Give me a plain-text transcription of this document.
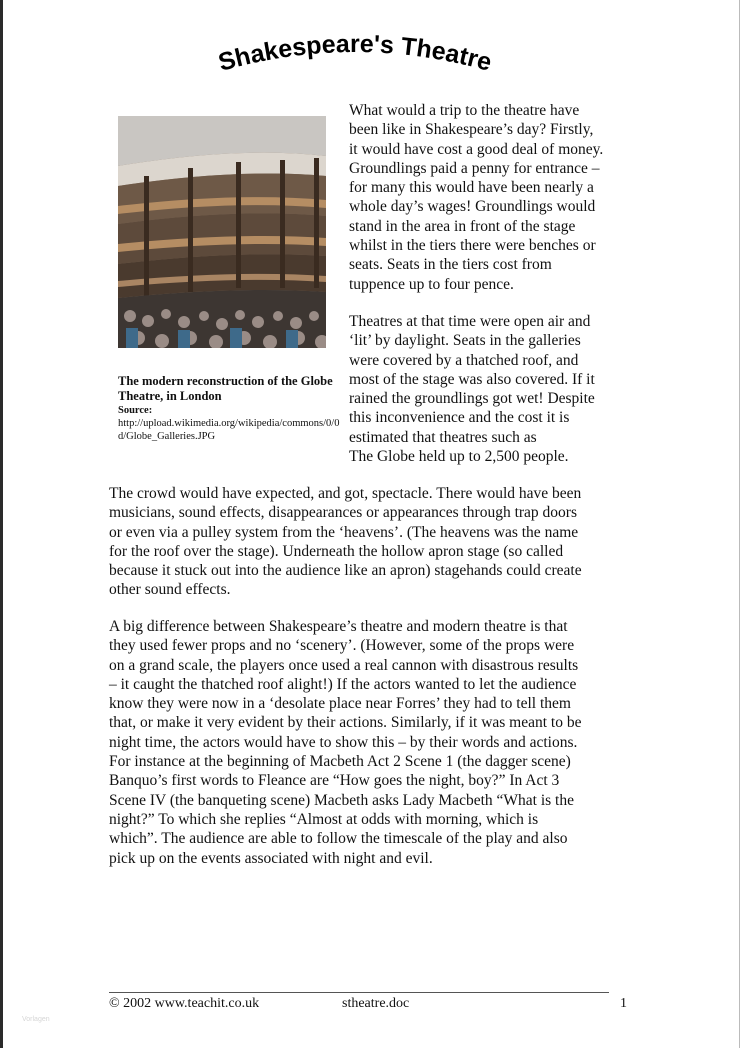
Shakespeare's Theatre

The modern reconstruction of the Globe Theatre, in London

Source:

http://upload.wikimedia.org/wikipedia/commons/0/0d/Globe_Galleries.JPG

What would a trip to the theatre have
been like in Shakespeare’s day? Firstly,
it would have cost a good deal of money.
Groundlings paid a penny for entrance –
for many this would have been nearly a
whole day’s wages! Groundlings would
stand in the area in front of the stage
whilst in the tiers there were benches or
seats. Seats in the tiers cost from
tuppence up to four pence.

Theatres at that time were open air and
‘lit’ by daylight. Seats in the galleries
were covered by a thatched roof, and
most of the stage was also covered. If it
rained the groundlings got wet! Despite
this inconvenience and the cost it is
estimated that theatres such as
The Globe held up to 2,500 people.

The crowd would have expected, and got, spectacle. There would have been
musicians, sound effects, disappearances or appearances through trap doors
or even via a pulley system from the ‘heavens’. (The heavens was the name
for the roof over the stage). Underneath the hollow apron stage (so called
because it stuck out into the audience like an apron) stagehands could create
other sound effects.

A big difference between Shakespeare’s theatre and modern theatre is that
they used fewer props and no ‘scenery’. (However, some of the props were
on a grand scale, the players once used a real cannon with disastrous results
– it caught the thatched roof alight!) If the actors wanted to let the audience
know they were now in a ‘desolate place near Forres’ they had to tell them
that, or make it very evident by their actions. Similarly, if it was meant to be
night time, the actors would have to show this – by their words and actions.
For instance at the beginning of Macbeth Act 2 Scene 1 (the dagger scene)
Banquo’s first words to Fleance are “How goes the night, boy?” In Act 3
Scene IV (the banqueting scene) Macbeth asks Lady Macbeth “What is the
night?” To which she replies “Almost at odds with morning, which is
which”. The audience are able to follow the timescale of the play and also
pick up on the events associated with night and evil.

© 2002 www.teachit.co.uk	stheatre.doc	1
Vorlagen
